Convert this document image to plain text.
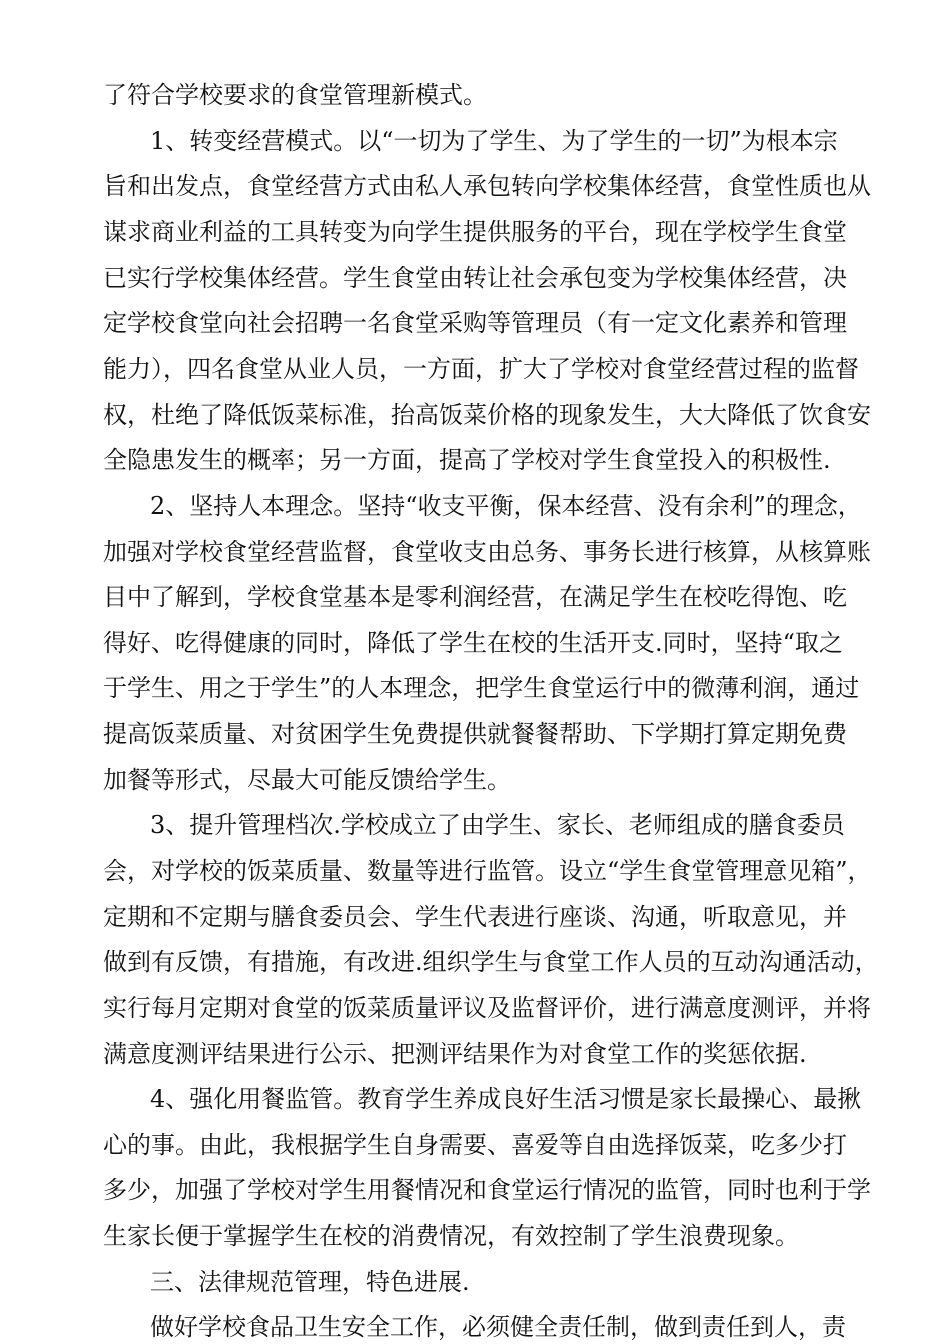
了符合学校要求的食堂管理新模式。
1、转变经营模式。以“一切为了学生、为了学生的一切”为根本宗
旨和出发点，食堂经营方式由私人承包转向学校集体经营，食堂性质也从
谋求商业利益的工具转变为向学生提供服务的平台，现在学校学生食堂
已实行学校集体经营。学生食堂由转让社会承包变为学校集体经营，决
定学校食堂向社会招聘一名食堂采购等管理员（有一定文化素养和管理
能力），四名食堂从业人员，一方面，扩大了学校对食堂经营过程的监督
权，杜绝了降低饭菜标准，抬高饭菜价格的现象发生，大大降低了饮食安
全隐患发生的概率；另一方面，提高了学校对学生食堂投入的积极性.
2、坚持人本理念。坚持“收支平衡，保本经营、没有余利”的理念，
加强对学校食堂经营监督，食堂收支由总务、事务长进行核算，从核算账
目中了解到，学校食堂基本是零利润经营，在满足学生在校吃得饱、吃
得好、吃得健康的同时，降低了学生在校的生活开支.同时，坚持“取之
于学生、用之于学生”的人本理念，把学生食堂运行中的微薄利润，通过
提高饭菜质量、对贫困学生免费提供就餐餐帮助、下学期打算定期免费
加餐等形式，尽最大可能反馈给学生。
3、提升管理档次.学校成立了由学生、家长、老师组成的膳食委员
会，对学校的饭菜质量、数量等进行监管。设立“学生食堂管理意见箱”，
定期和不定期与膳食委员会、学生代表进行座谈、沟通，听取意见，并
做到有反馈，有措施，有改进.组织学生与食堂工作人员的互动沟通活动，
实行每月定期对食堂的饭菜质量评议及监督评价，进行满意度测评，并将
满意度测评结果进行公示、把测评结果作为对食堂工作的奖惩依据.
4、强化用餐监管。教育学生养成良好生活习惯是家长最操心、最揪
心的事。由此，我根据学生自身需要、喜爱等自由选择饭菜，吃多少打
多少，加强了学校对学生用餐情况和食堂运行情况的监管，同时也利于学
生家长便于掌握学生在校的消费情况，有效控制了学生浪费现象。
三、法律规范管理，特色进展.
做好学校食品卫生安全工作，必须健全责任制，做到责任到人，责
